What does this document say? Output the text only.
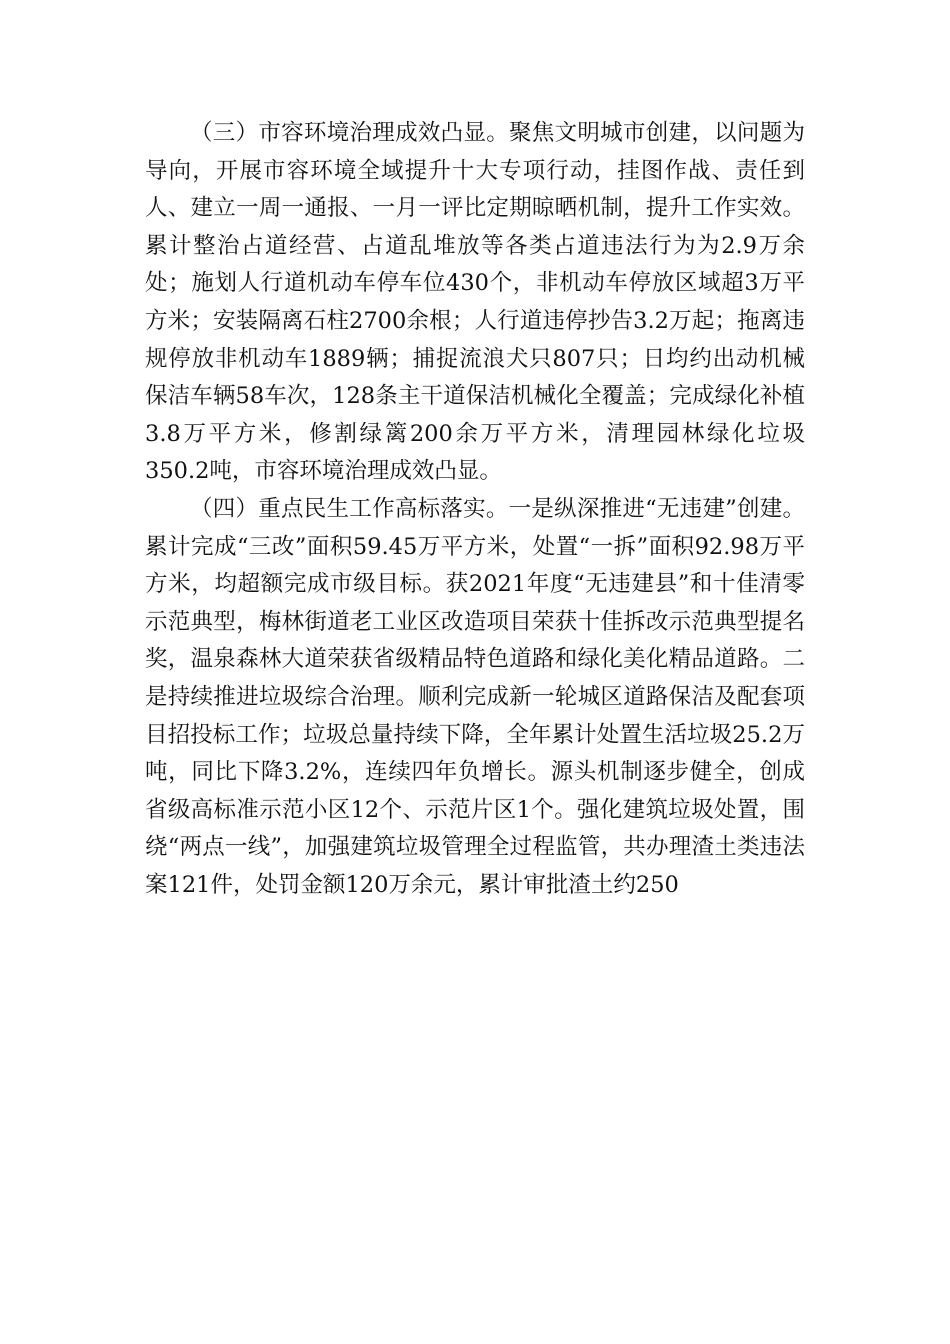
（三）市容环境治理成效凸显。聚焦文明城市创建，以问题为导向，开展市容环境全域提升十大专项行动，挂图作战、责任到人、建立一周一通报、一月一评比定期晾晒机制，提升工作实效。累计整治占道经营、占道乱堆放等各类占道违法行为为2.9万余处；施划人行道机动车停车位430个，非机动车停放区域超3万平方米；安装隔离石柱2700余根；人行道违停抄告3.2万起；拖离违规停放非机动车1889辆；捕捉流浪犬只807只；日均约出动机械保洁车辆58车次，128条主干道保洁机械化全覆盖；完成绿化补植3.8万平方米，修割绿篱200余万平方米，清理园林绿化垃圾350.2吨，市容环境治理成效凸显。

（四）重点民生工作高标落实。一是纵深推进“无违建”创建。累计完成“三改”面积59.45万平方米，处置“一拆”面积92.98万平方米，均超额完成市级目标。获2021年度“无违建县”和十佳清零示范典型，梅林街道老工业区改造项目荣获十佳拆改示范典型提名奖，温泉森林大道荣获省级精品特色道路和绿化美化精品道路。二是持续推进垃圾综合治理。顺利完成新一轮城区道路保洁及配套项目招投标工作；垃圾总量持续下降，全年累计处置生活垃圾25.2万吨，同比下降3.2%，连续四年负增长。源头机制逐步健全，创成省级高标准示范小区12个、示范片区1个。强化建筑垃圾处置，围绕“两点一线”，加强建筑垃圾管理全过程监管，共办理渣土类违法案121件，处罚金额120万余元，累计审批渣土约250
